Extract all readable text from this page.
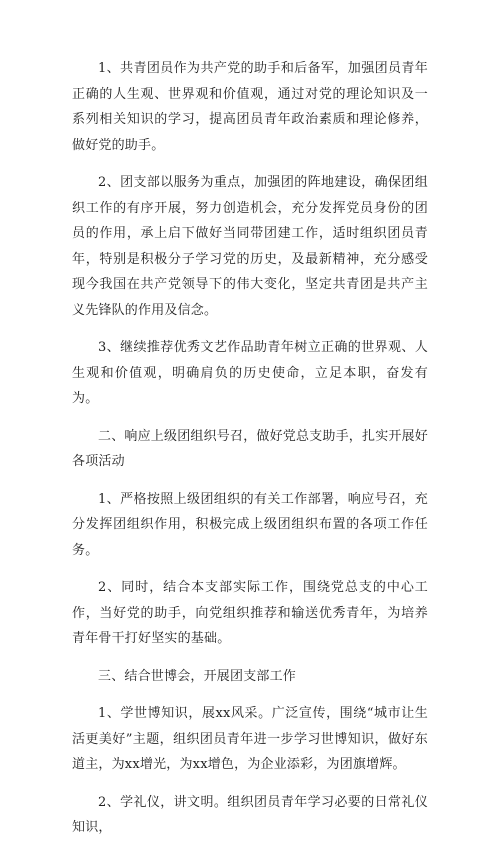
1、共青团员作为共产党的助手和后备军，加强团员青年正确的人生观、世界观和价值观，通过对党的理论知识及一系列相关知识的学习，提高团员青年政治素质和理论修养，做好党的助手。

2、团支部以服务为重点，加强团的阵地建设，确保团组织工作的有序开展，努力创造机会，充分发挥党员身份的团员的作用，承上启下做好当同带团建工作，适时组织团员青年，特别是积极分子学习党的历史，及最新精神，充分感受现今我国在共产党领导下的伟大变化，坚定共青团是共产主义先锋队的作用及信念。

3、继续推荐优秀文艺作品助青年树立正确的世界观、人生观和价值观，明确肩负的历史使命，立足本职，奋发有为。

二、响应上级团组织号召，做好党总支助手，扎实开展好各项活动

1、严格按照上级团组织的有关工作部署，响应号召，充分发挥团组织作用，积极完成上级团组织布置的各项工作任务。

2、同时，结合本支部实际工作，围绕党总支的中心工作，当好党的助手，向党组织推荐和输送优秀青年，为培养青年骨干打好坚实的基础。

三、结合世博会，开展团支部工作

1、学世博知识，展xx风采。广泛宣传，围绕“城市让生活更美好”主题，组织团员青年进一步学习世博知识，做好东道主，为xx增光，为xx增色，为企业添彩，为团旗增辉。

2、学礼仪，讲文明。组织团员青年学习必要的日常礼仪知识，
